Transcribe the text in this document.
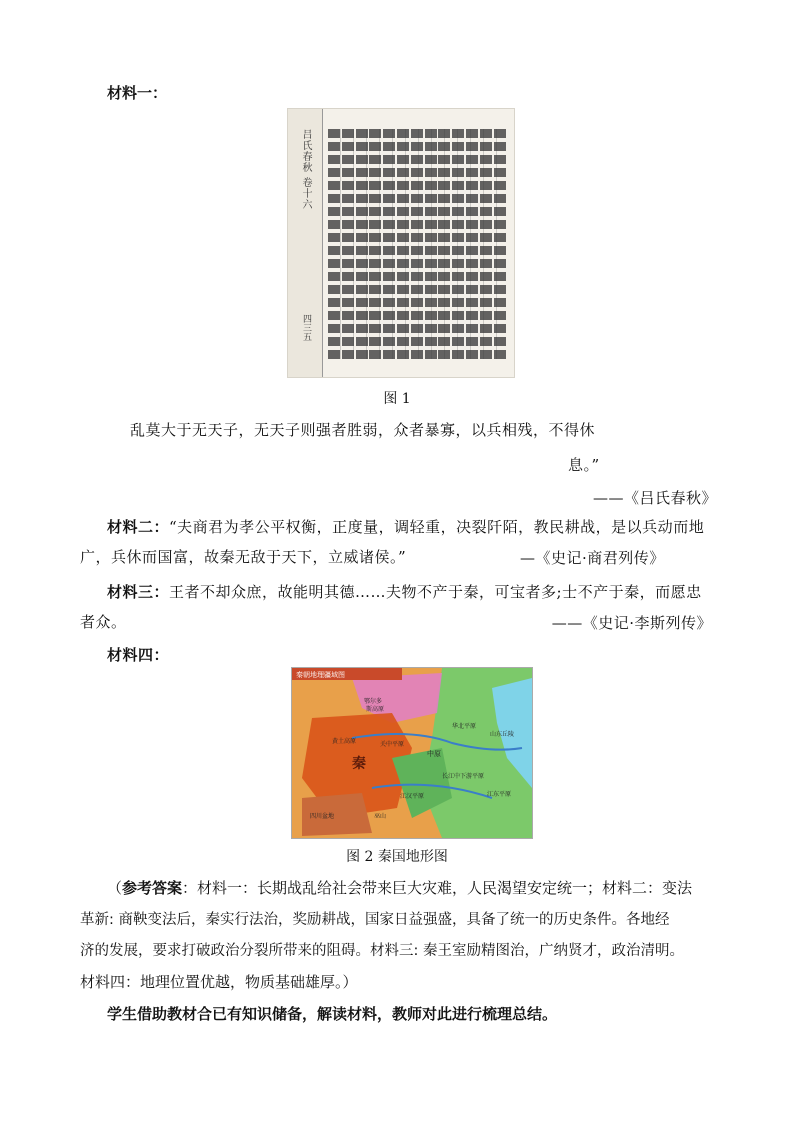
材料一：
吕氏春秋 卷十六
四三五
图 1
乱莫大于无天子，无天子则强者胜弱，众者暴寡，以兵相残，不得休
息。”
——《吕氏春秋》
材料二：“夫商君为孝公平权衡，正度量，调轻重，决裂阡陌，教民耕战，是以兵动而地
广，兵休而国富，故秦无敌于天下，立威诸侯。”	—《史记·商君列传》
材料三：王者不却众庶，故能明其德……夫物不产于秦，可宝者多;士不产于秦，而愿忠
者众。	——《史记·李斯列传》
材料四：
秦朝地理疆域图
鄂尔多
斯高原
黄土高原
秦
中原
华北平原
山东丘陵
长江中下游平原
江汉平原	江东平原
四川盆地	巫山
关中平原
图 2 秦国地形图
（参考答案：材料一：长期战乱给社会带来巨大灾难，人民渴望安定统一；材料二：变法
革新: 商鞅变法后，秦实行法治，奖励耕战，国家日益强盛，具备了统一的历史条件。各地经
济的发展，要求打破政治分裂所带来的阻碍。材料三: 秦王室励精图治，广纳贤才，政治清明。
材料四：地理位置优越，物质基础雄厚。）
学生借助教材合已有知识储备，解读材料，教师对此进行梳理总结。
